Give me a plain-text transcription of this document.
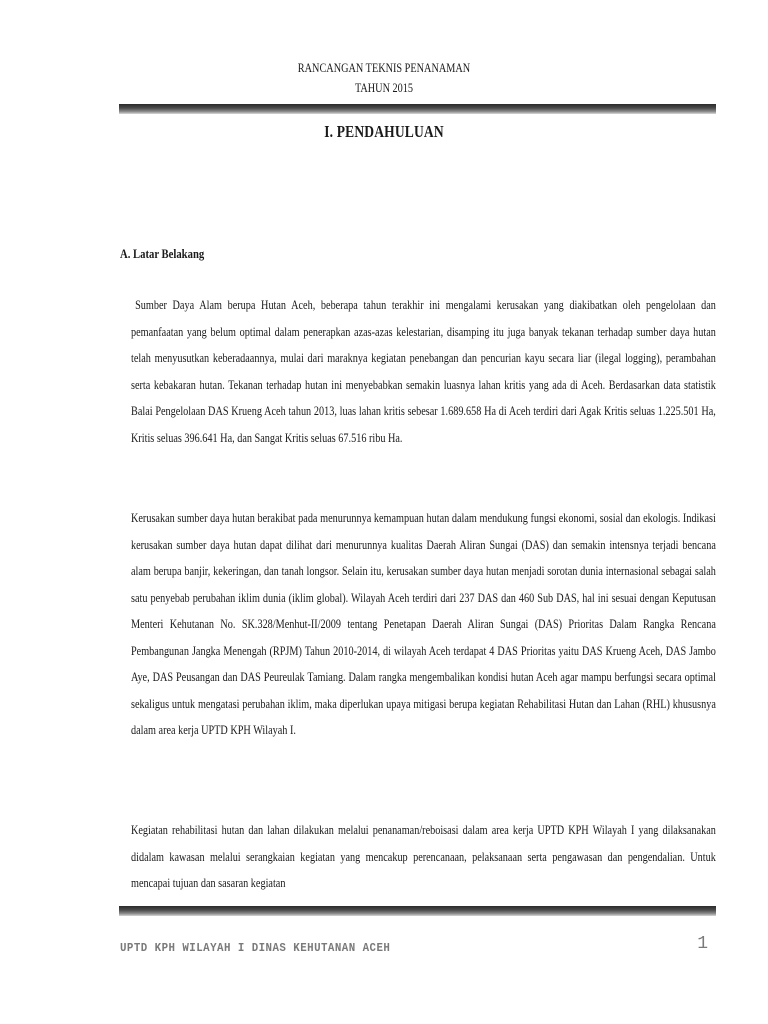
RANCANGAN TEKNIS PENANAMAN
TAHUN 2015
I. PENDAHULUAN
A. Latar Belakang
Sumber Daya Alam berupa Hutan Aceh, beberapa tahun terakhir ini mengalami kerusakan yang diakibatkan oleh pengelolaan dan pemanfaatan yang belum optimal dalam penerapkan azas-azas kelestarian, disamping itu juga banyak tekanan terhadap sumber daya hutan telah menyusutkan keberadaannya, mulai dari maraknya kegiatan penebangan dan pencurian kayu secara liar (ilegal logging), perambahan serta kebakaran hutan. Tekanan terhadap hutan ini menyebabkan semakin luasnya lahan kritis yang ada di Aceh. Berdasarkan data statistik Balai Pengelolaan DAS Krueng Aceh tahun 2013, luas lahan kritis sebesar 1.689.658 Ha di Aceh terdiri dari Agak Kritis seluas 1.225.501 Ha, Kritis seluas 396.641 Ha, dan Sangat Kritis seluas 67.516 ribu Ha.
Kerusakan sumber daya hutan berakibat pada menurunnya kemampuan hutan dalam mendukung fungsi ekonomi, sosial dan ekologis. Indikasi kerusakan sumber daya hutan dapat dilihat dari menurunnya kualitas Daerah Aliran Sungai (DAS) dan semakin intensnya terjadi bencana alam berupa banjir, kekeringan, dan tanah longsor. Selain itu, kerusakan sumber daya hutan menjadi sorotan dunia internasional sebagai salah satu penyebab perubahan iklim dunia (iklim global). Wilayah Aceh terdiri dari 237 DAS dan 460 Sub DAS, hal ini sesuai dengan Keputusan Menteri Kehutanan No. SK.328/Menhut-II/2009 tentang Penetapan Daerah Aliran Sungai (DAS) Prioritas Dalam Rangka Rencana Pembangunan Jangka Menengah (RPJM) Tahun 2010-2014, di wilayah Aceh terdapat 4 DAS Prioritas yaitu DAS Krueng Aceh, DAS Jambo Aye, DAS Peusangan dan DAS Peureulak Tamiang. Dalam rangka mengembalikan kondisi hutan Aceh agar mampu berfungsi secara optimal sekaligus untuk mengatasi perubahan iklim, maka diperlukan upaya mitigasi berupa kegiatan Rehabilitasi Hutan dan Lahan (RHL) khususnya dalam area kerja UPTD KPH Wilayah I.
Kegiatan rehabilitasi hutan dan lahan dilakukan melalui penanaman/reboisasi dalam area kerja UPTD KPH Wilayah I yang dilaksanakan didalam kawasan melalui serangkaian kegiatan yang mencakup perencanaan, pelaksanaan serta pengawasan dan pengendalian. Untuk mencapai tujuan dan sasaran kegiatan
UPTD KPH WILAYAH I DINAS KEHUTANAN ACEH	1
